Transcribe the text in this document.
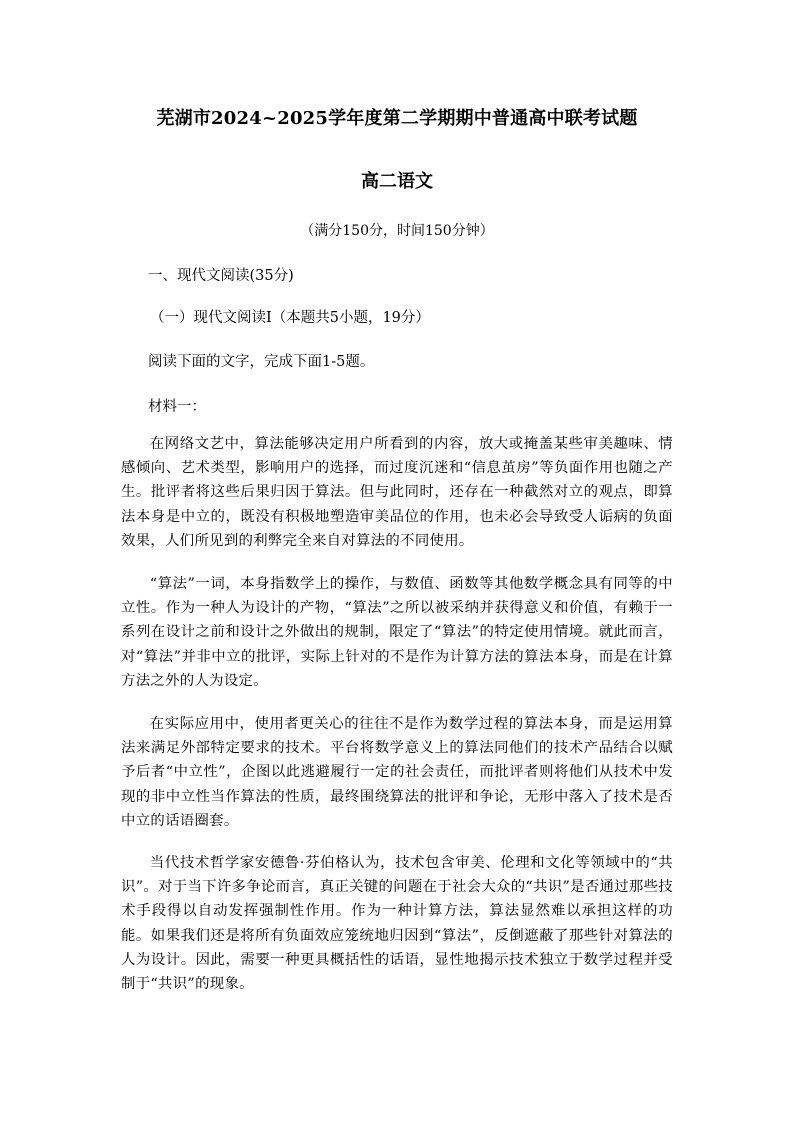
芜湖市2024~2025学年度第二学期期中普通高中联考试题
高二语文
（满分150分，时间150分钟）
一、现代文阅读(35分)
（一）现代文阅读Ⅰ（本题共5小题，19分）
阅读下面的文字，完成下面1-5题。
材料一：

在网络文艺中，算法能够决定用户所看到的内容，放大或掩盖某些审美趣味、情感倾向、艺术类型，影响用户的选择，而过度沉迷和“信息茧房”等负面作用也随之产生。批评者将这些后果归因于算法。但与此同时，还存在一种截然对立的观点，即算法本身是中立的，既没有积极地塑造审美品位的作用，也未必会导致受人诟病的负面效果，人们所见到的利弊完全来自对算法的不同使用。

“算法”一词，本身指数学上的操作，与数值、函数等其他数学概念具有同等的中立性。作为一种人为设计的产物，“算法”之所以被采纳并获得意义和价值，有赖于一系列在设计之前和设计之外做出的规制，限定了“算法”的特定使用情境。就此而言，对“算法”并非中立的批评，实际上针对的不是作为计算方法的算法本身，而是在计算方法之外的人为设定。

在实际应用中，使用者更关心的往往不是作为数学过程的算法本身，而是运用算法来满足外部特定要求的技术。平台将数学意义上的算法同他们的技术产品结合以赋予后者“中立性”，企图以此逃避履行一定的社会责任，而批评者则将他们从技术中发现的非中立性当作算法的性质，最终围绕算法的批评和争论，无形中落入了技术是否中立的话语圈套。

当代技术哲学家安德鲁·芬伯格认为，技术包含审美、伦理和文化等领域中的“共识”。对于当下许多争论而言，真正关键的问题在于社会大众的“共识”是否通过那些技术手段得以自动发挥强制性作用。作为一种计算方法，算法显然难以承担这样的功能。如果我们还是将所有负面效应笼统地归因到“算法”，反倒遮蔽了那些针对算法的人为设计。因此，需要一种更具概括性的话语，显性地揭示技术独立于数学过程并受制于“共识”的现象。
